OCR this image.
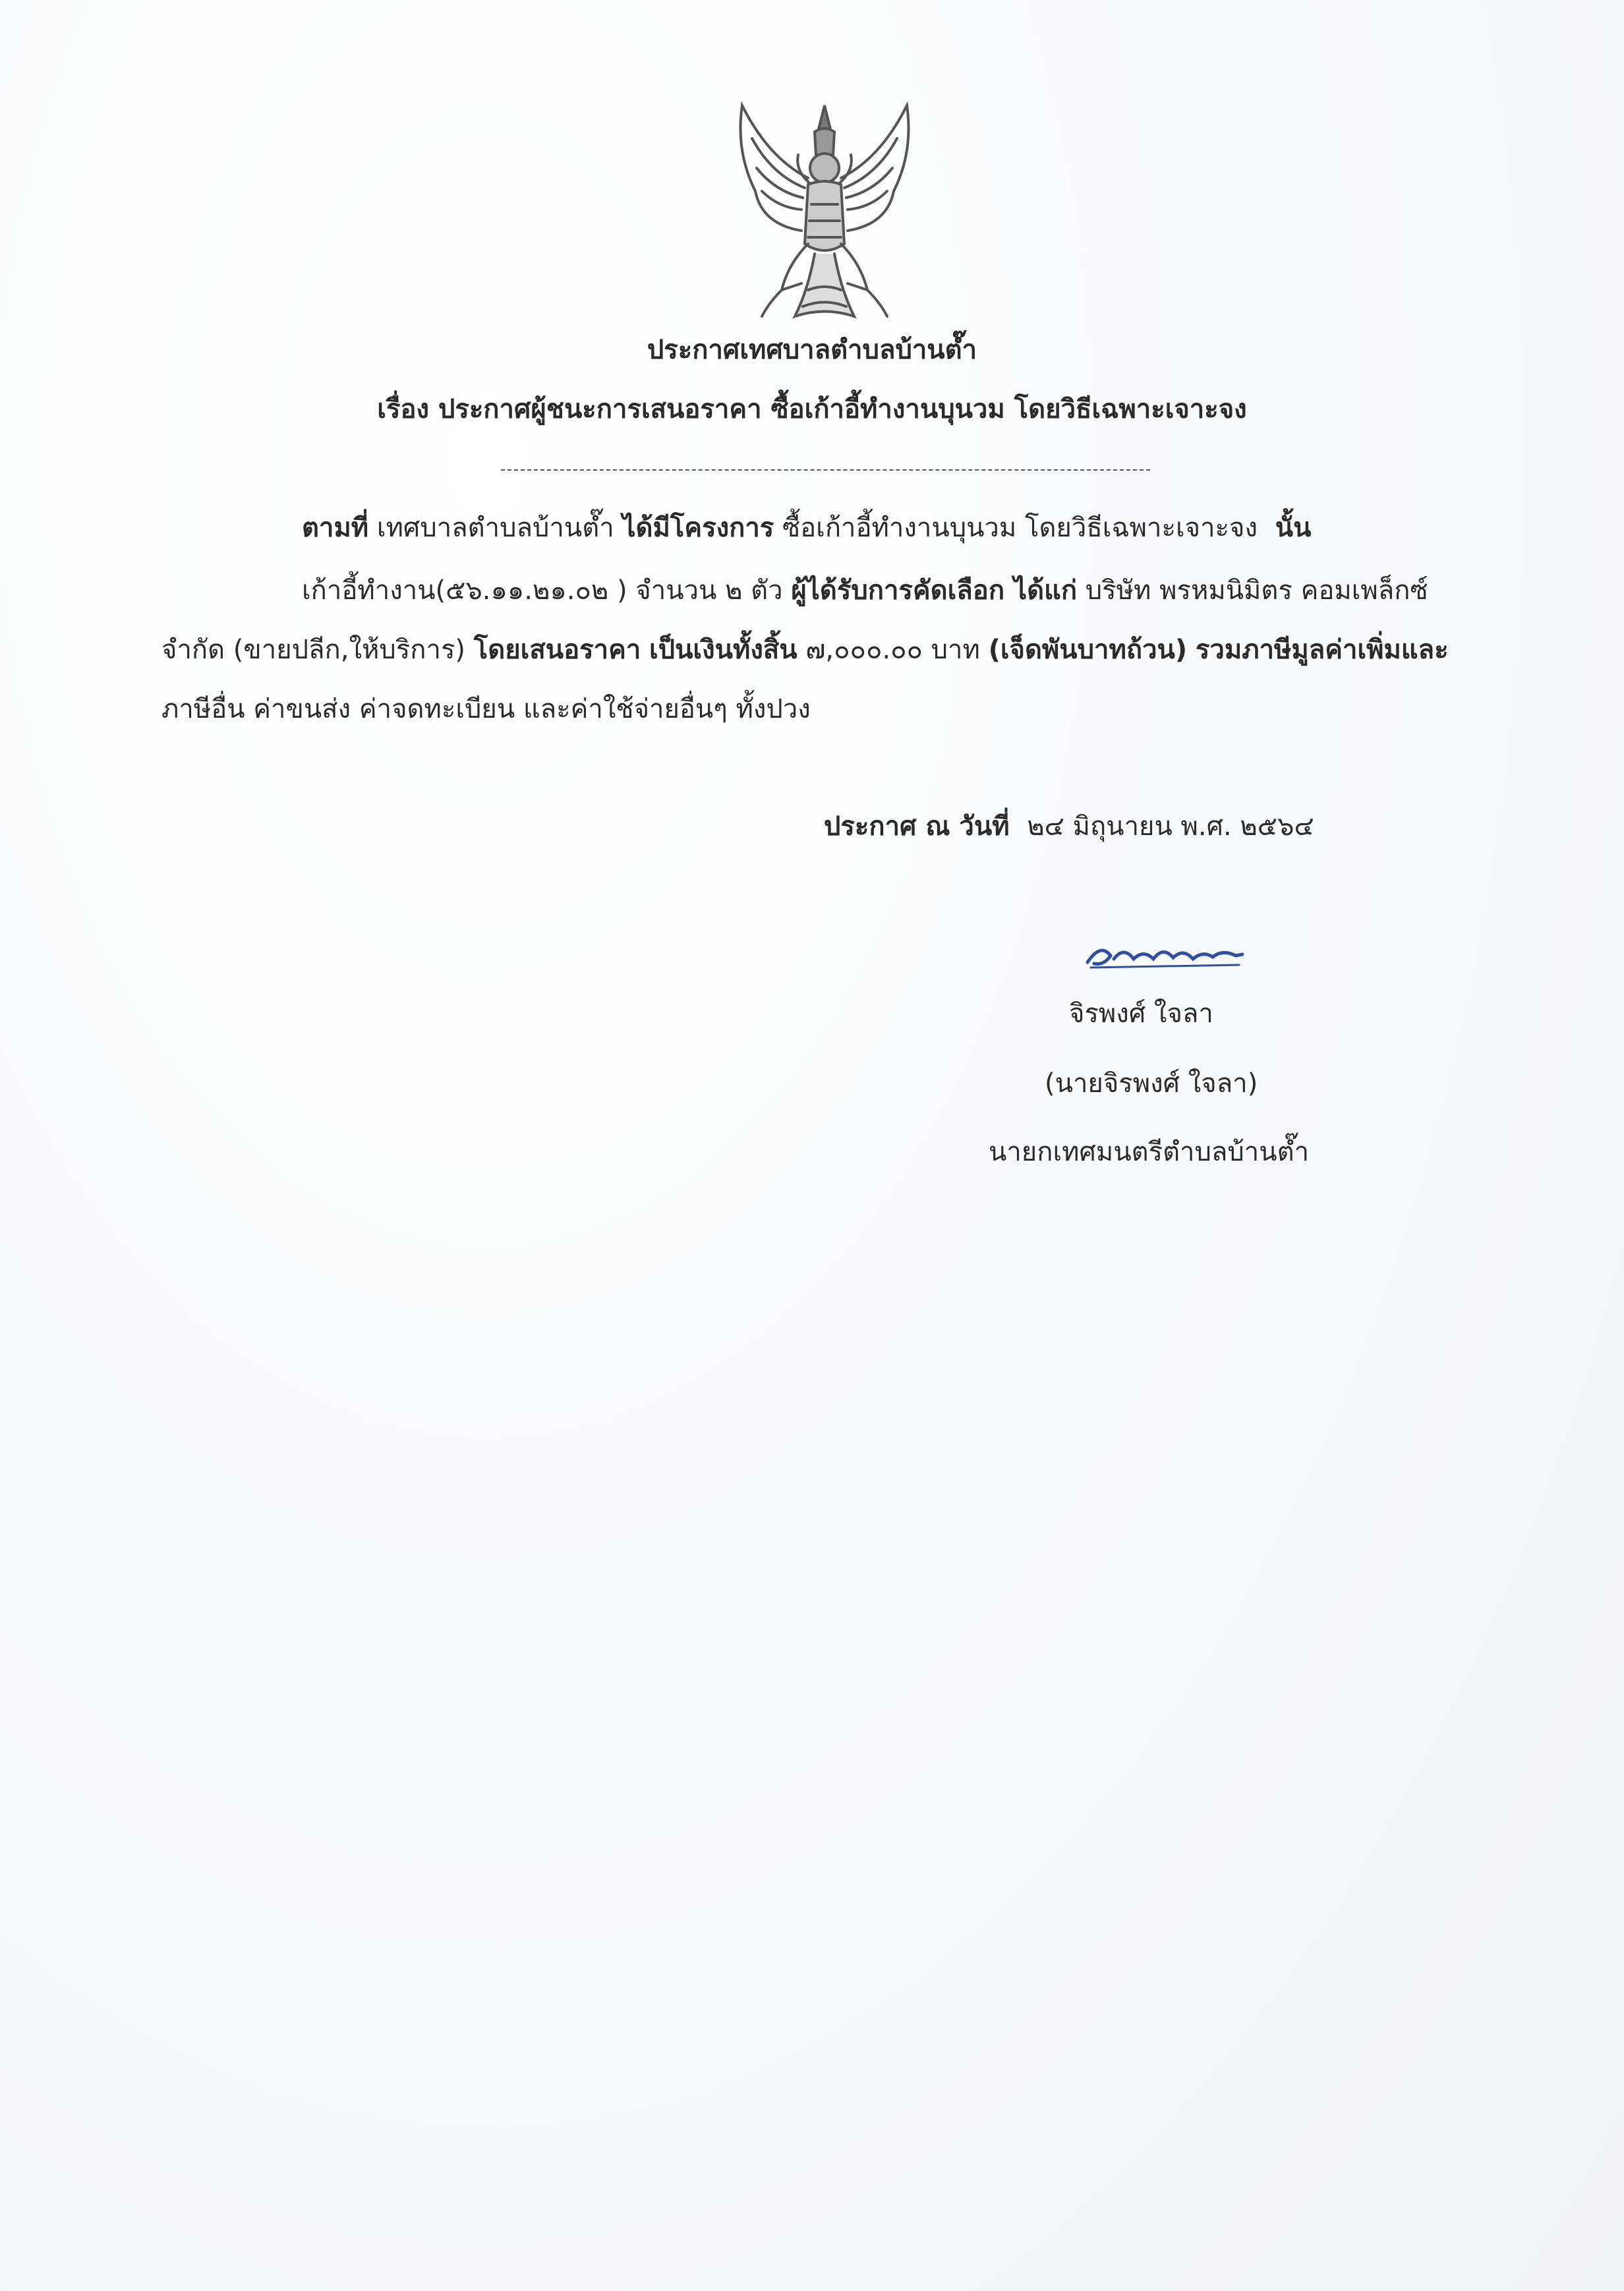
ประกาศเทศบาลตำบลบ้านต๊ำ
เรื่อง ประกาศผู้ชนะการเสนอราคา ซื้อเก้าอี้ทำงานบุนวม โดยวิธีเฉพาะเจาะจง
ตามที่ เทศบาลตำบลบ้านต๊ำ ได้มีโครงการ ซื้อเก้าอี้ทำงานบุนวม โดยวิธีเฉพาะเจาะจง นั้น
เก้าอี้ทำงาน(๕๖.๑๑.๒๑.๐๒ ) จำนวน ๒ ตัว ผู้ได้รับการคัดเลือก ได้แก่ บริษัท พรหมนิมิตร คอมเพล็กซ์
จำกัด (ขายปลีก,ให้บริการ) โดยเสนอราคา เป็นเงินทั้งสิ้น ๗,๐๐๐.๐๐ บาท (เจ็ดพันบาทถ้วน) รวมภาษีมูลค่าเพิ่มและ
ภาษีอื่น ค่าขนส่ง ค่าจดทะเบียน และค่าใช้จ่ายอื่นๆ ทั้งปวง
ประกาศ ณ วันที่ ๒๔ มิถุนายน พ.ศ. ๒๕๖๔
จิรพงศ์ ใจลา
(นายจิรพงศ์ ใจลา)
นายกเทศมนตรีตำบลบ้านต๊ำ
